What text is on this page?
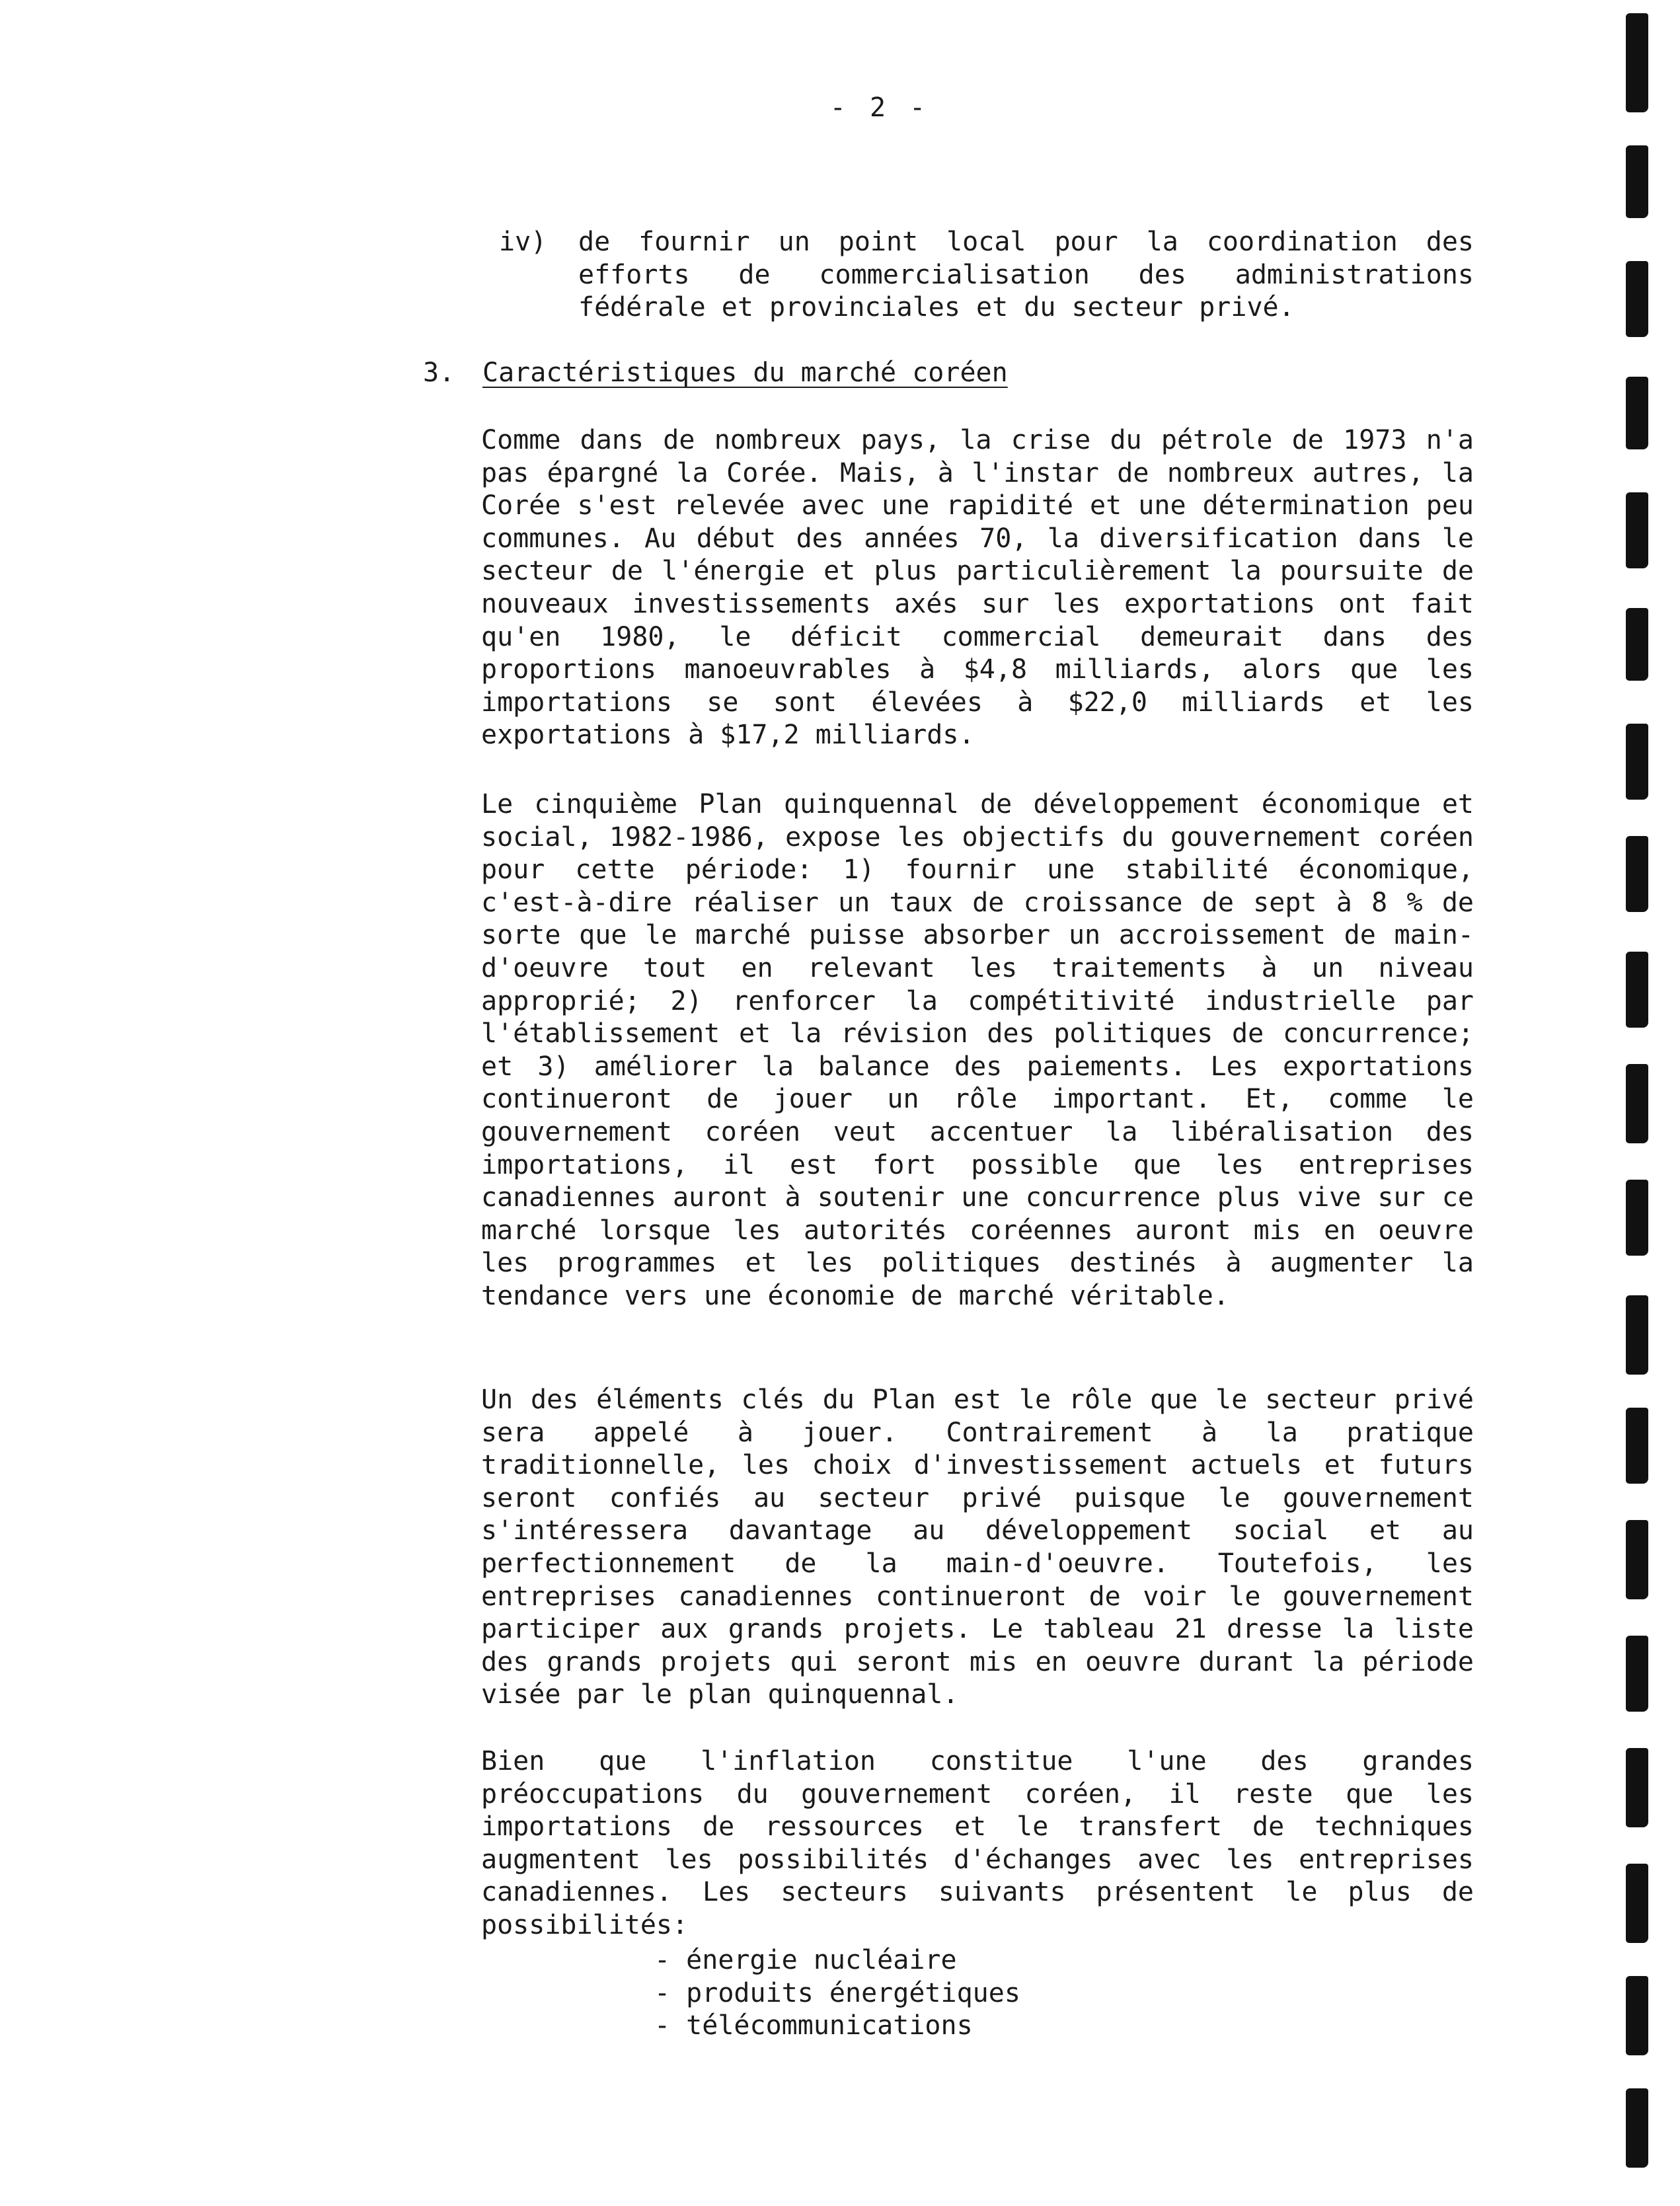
- 2 -
iv) de fournir un point local pour la coordination des efforts de commercialisation des administrations fédérale et provinciales et du secteur privé.
3. Caractéristiques du marché coréen

Comme dans de nombreux pays, la crise du pétrole de 1973 n'a pas épargné la Corée. Mais, à l'instar de nombreux autres, la Corée s'est relevée avec une rapidité et une détermination peu communes. Au début des années 70, la diversification dans le secteur de l'énergie et plus particulièrement la poursuite de nouveaux investissements axés sur les exportations ont fait qu'en 1980, le déficit commercial demeurait dans des proportions manoeuvrables à $4,8 milliards, alors que les importations se sont élevées à $22,0 milliards et les exportations à $17,2 milliards.

Le cinquième Plan quinquennal de développement économique et social, 1982-1986, expose les objectifs du gouvernement coréen pour cette période: 1) fournir une stabilité économique, c'est-à-dire réaliser un taux de croissance de sept à 8 % de sorte que le marché puisse absorber un accroissement de main-d'oeuvre tout en relevant les traitements à un niveau approprié; 2) renforcer la compétitivité industrielle par l'établissement et la révision des politiques de concurrence; et 3) améliorer la balance des paiements. Les exportations continueront de jouer un rôle important. Et, comme le gouvernement coréen veut accentuer la libéralisation des importations, il est fort possible que les entreprises canadiennes auront à soutenir une concurrence plus vive sur ce marché lorsque les autorités coréennes auront mis en oeuvre les programmes et les politiques destinés à augmenter la tendance vers une économie de marché véritable.

Un des éléments clés du Plan est le rôle que le secteur privé sera appelé à jouer. Contrairement à la pratique traditionnelle, les choix d'investissement actuels et futurs seront confiés au secteur privé puisque le gouvernement s'intéressera davantage au développement social et au perfectionnement de la main-d'oeuvre. Toutefois, les entreprises canadiennes continueront de voir le gouvernement participer aux grands projets. Le tableau 21 dresse la liste des grands projets qui seront mis en oeuvre durant la période visée par le plan quinquennal.

Bien que l'inflation constitue l'une des grandes préoccupations du gouvernement coréen, il reste que les importations de ressources et le transfert de techniques augmentent les possibilités d'échanges avec les entreprises canadiennes. Les secteurs suivants présentent le plus de possibilités:

- énergie nucléaire
- produits énergétiques
- télécommunications
